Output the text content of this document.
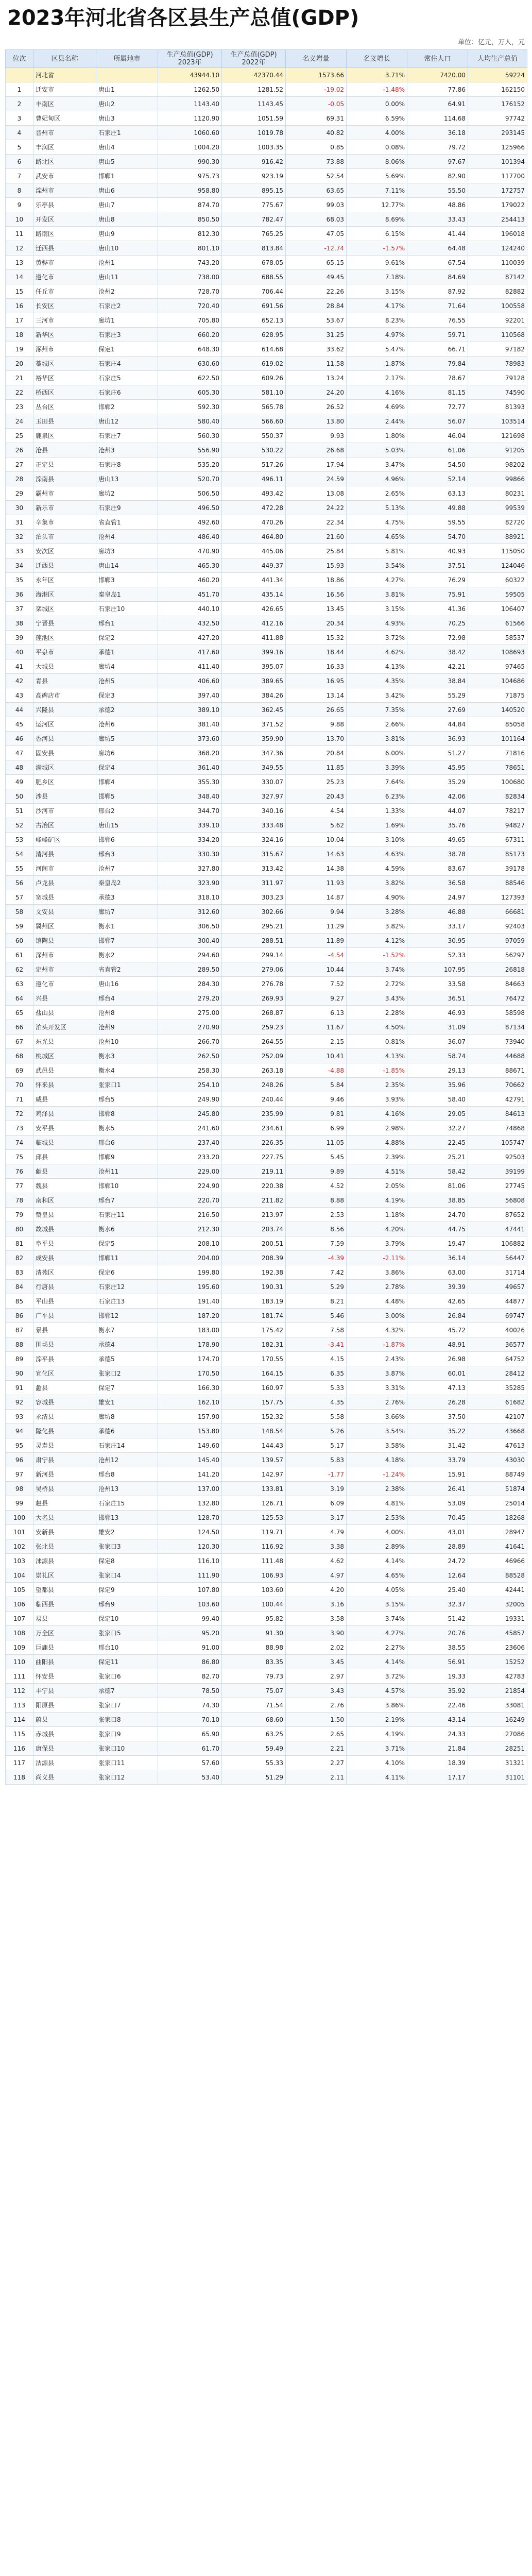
2023年河北省各区县生产总值(GDP)
单位：亿元，万人，元
位次	区县名称	所属地市	生产总值(GDP) 2023年	生产总值(GDP) 2022年	名义增量	名义增长	常住人口	人均生产总值
	河北省		43944.10	42370.44	1573.66	3.71%	7420.00	59224
1	迁安市	唐山1	1262.50	1281.52	-19.02	-1.48%	77.86	162150
2	丰南区	唐山2	1143.40	1143.45	-0.05	0.00%	64.91	176152
3	曹妃甸区	唐山3	1120.90	1051.59	69.31	6.59%	114.68	97742
4	晋州市	石家庄1	1060.60	1019.78	40.82	4.00%	36.18	293145
5	丰润区	唐山4	1004.20	1003.35	0.85	0.08%	79.72	125966
6	路北区	唐山5	990.30	916.42	73.88	8.06%	97.67	101394
7	武安市	邯郸1	975.73	923.19	52.54	5.69%	82.90	117700
8	滦州市	唐山6	958.80	895.15	63.65	7.11%	55.50	172757
9	乐亭县	唐山7	874.70	775.67	99.03	12.77%	48.86	179022
10	开发区	唐山8	850.50	782.47	68.03	8.69%	33.43	254413
11	路南区	唐山9	812.30	765.25	47.05	6.15%	41.44	196018
12	迁西县	唐山10	801.10	813.84	-12.74	-1.57%	64.48	124240
13	黄骅市	沧州1	743.20	678.05	65.15	9.61%	67.54	110039
14	遵化市	唐山11	738.00	688.55	49.45	7.18%	84.69	87142
15	任丘市	沧州2	728.70	706.44	22.26	3.15%	87.92	82882
16	长安区	石家庄2	720.40	691.56	28.84	4.17%	71.64	100558
17	三河市	廊坊1	705.80	652.13	53.67	8.23%	76.55	92201
18	新华区	石家庄3	660.20	628.95	31.25	4.97%	59.71	110568
19	涿州市	保定1	648.30	614.68	33.62	5.47%	66.71	97182
20	藁城区	石家庄4	630.60	619.02	11.58	1.87%	79.84	78983
21	裕华区	石家庄5	622.50	609.26	13.24	2.17%	78.67	79128
22	桥西区	石家庄6	605.30	581.10	24.20	4.16%	81.15	74590
23	丛台区	邯郸2	592.30	565.78	26.52	4.69%	72.77	81393
24	玉田县	唐山12	580.40	566.60	13.80	2.44%	56.07	103514
25	鹿泉区	石家庄7	560.30	550.37	9.93	1.80%	46.04	121698
26	沧县	沧州3	556.90	530.22	26.68	5.03%	61.06	91205
27	正定县	石家庄8	535.20	517.26	17.94	3.47%	54.50	98202
28	滦南县	唐山13	520.70	496.11	24.59	4.96%	52.14	99866
29	霸州市	廊坊2	506.50	493.42	13.08	2.65%	63.13	80231
30	新乐市	石家庄9	496.50	472.28	24.22	5.13%	49.88	99539
31	辛集市	省直管1	492.60	470.26	22.34	4.75%	59.55	82720
32	泊头市	沧州4	486.40	464.80	21.60	4.65%	54.70	88921
33	安次区	廊坊3	470.90	445.06	25.84	5.81%	40.93	115050
34	迁西县	唐山14	465.30	449.37	15.93	3.54%	37.51	124046
35	永年区	邯郸3	460.20	441.34	18.86	4.27%	76.29	60322
36	海港区	秦皇岛1	451.70	435.14	16.56	3.81%	75.91	59505
37	栾城区	石家庄10	440.10	426.65	13.45	3.15%	41.36	106407
38	宁晋县	邢台1	432.50	412.16	20.34	4.93%	70.25	61566
39	莲池区	保定2	427.20	411.88	15.32	3.72%	72.98	58537
40	平泉市	承德1	417.60	399.16	18.44	4.62%	38.42	108693
41	大城县	廊坊4	411.40	395.07	16.33	4.13%	42.21	97465
42	青县	沧州5	406.60	389.65	16.95	4.35%	38.84	104686
43	高碑店市	保定3	397.40	384.26	13.14	3.42%	55.29	71875
44	兴隆县	承德2	389.10	362.45	26.65	7.35%	27.69	140520
45	运河区	沧州6	381.40	371.52	9.88	2.66%	44.84	85058
46	香河县	廊坊5	373.60	359.90	13.70	3.81%	36.93	101164
47	固安县	廊坊6	368.20	347.36	20.84	6.00%	51.27	71816
48	满城区	保定4	361.40	349.55	11.85	3.39%	45.95	78651
49	肥乡区	邯郸4	355.30	330.07	25.23	7.64%	35.29	100680
50	涉县	邯郸5	348.40	327.97	20.43	6.23%	42.06	82834
51	沙河市	邢台2	344.70	340.16	4.54	1.33%	44.07	78217
52	古冶区	唐山15	339.10	333.48	5.62	1.69%	35.76	94827
53	峰峰矿区	邯郸6	334.20	324.16	10.04	3.10%	49.65	67311
54	清河县	邢台3	330.30	315.67	14.63	4.63%	38.78	85173
55	河间市	沧州7	327.80	313.42	14.38	4.59%	83.67	39178
56	卢龙县	秦皇岛2	323.90	311.97	11.93	3.82%	36.58	88546
57	宽城县	承德3	318.10	303.23	14.87	4.90%	24.97	127393
58	文安县	廊坊7	312.60	302.66	9.94	3.28%	46.88	66681
59	冀州区	衡水1	306.50	295.21	11.29	3.82%	33.17	92403
60	馆陶县	邯郸7	300.40	288.51	11.89	4.12%	30.95	97059
61	深州市	衡水2	294.60	299.14	-4.54	-1.52%	52.33	56297
62	定州市	省直管2	289.50	279.06	10.44	3.74%	107.95	26818
63	遵化市	唐山16	284.30	276.78	7.52	2.72%	33.58	84663
64	兴县	邢台4	279.20	269.93	9.27	3.43%	36.51	76472
65	盐山县	沧州8	275.00	268.87	6.13	2.28%	46.93	58598
66	泊头开发区	沧州9	270.90	259.23	11.67	4.50%	31.09	87134
67	东光县	沧州10	266.70	264.55	2.15	0.81%	36.07	73940
68	桃城区	衡水3	262.50	252.09	10.41	4.13%	58.74	44688
69	武邑县	衡水4	258.30	263.18	-4.88	-1.85%	29.13	88671
70	怀来县	张家口1	254.10	248.26	5.84	2.35%	35.96	70662
71	威县	邢台5	249.90	240.44	9.46	3.93%	58.40	42791
72	鸡泽县	邯郸8	245.80	235.99	9.81	4.16%	29.05	84613
73	安平县	衡水5	241.60	234.61	6.99	2.98%	32.27	74868
74	临城县	邢台6	237.40	226.35	11.05	4.88%	22.45	105747
75	邱县	邯郸9	233.20	227.75	5.45	2.39%	25.21	92503
76	献县	沧州11	229.00	219.11	9.89	4.51%	58.42	39199
77	魏县	邯郸10	224.90	220.38	4.52	2.05%	81.06	27745
78	南和区	邢台7	220.70	211.82	8.88	4.19%	38.85	56808
79	赞皇县	石家庄11	216.50	213.97	2.53	1.18%	24.70	87652
80	故城县	衡水6	212.30	203.74	8.56	4.20%	44.75	47441
81	阜平县	保定5	208.10	200.51	7.59	3.79%	19.47	106882
82	成安县	邯郸11	204.00	208.39	-4.39	-2.11%	36.14	56447
83	清苑区	保定6	199.80	192.38	7.42	3.86%	63.00	31714
84	行唐县	石家庄12	195.60	190.31	5.29	2.78%	39.39	49657
85	平山县	石家庄13	191.40	183.19	8.21	4.48%	42.65	44877
86	广平县	邯郸12	187.20	181.74	5.46	3.00%	26.84	69747
87	景县	衡水7	183.00	175.42	7.58	4.32%	45.72	40026
88	围场县	承德4	178.90	182.31	-3.41	-1.87%	48.91	36577
89	滦平县	承德5	174.70	170.55	4.15	2.43%	26.98	64752
90	宣化区	张家口2	170.50	164.15	6.35	3.87%	60.01	28412
91	蠡县	保定7	166.30	160.97	5.33	3.31%	47.13	35285
92	容城县	雄安1	162.10	157.75	4.35	2.76%	26.28	61682
93	永清县	廊坊8	157.90	152.32	5.58	3.66%	37.50	42107
94	隆化县	承德6	153.80	148.54	5.26	3.54%	35.22	43668
95	灵寿县	石家庄14	149.60	144.43	5.17	3.58%	31.42	47613
96	肃宁县	沧州12	145.40	139.57	5.83	4.18%	33.79	43030
97	新河县	邢台8	141.20	142.97	-1.77	-1.24%	15.91	88749
98	吴桥县	沧州13	137.00	133.81	3.19	2.38%	26.41	51874
99	赵县	石家庄15	132.80	126.71	6.09	4.81%	53.09	25014
100	大名县	邯郸13	128.70	125.53	3.17	2.53%	70.45	18268
101	安新县	雄安2	124.50	119.71	4.79	4.00%	43.01	28947
102	张北县	张家口3	120.30	116.92	3.38	2.89%	28.89	41641
103	涞源县	保定8	116.10	111.48	4.62	4.14%	24.72	46966
104	崇礼区	张家口4	111.90	106.93	4.97	4.65%	12.64	88528
105	望都县	保定9	107.80	103.60	4.20	4.05%	25.40	42441
106	临西县	邢台9	103.60	100.44	3.16	3.15%	32.37	32005
107	易县	保定10	99.40	95.82	3.58	3.74%	51.42	19331
108	万全区	张家口5	95.20	91.30	3.90	4.27%	20.76	45857
109	巨鹿县	邢台10	91.00	88.98	2.02	2.27%	38.55	23606
110	曲阳县	保定11	86.80	83.35	3.45	4.14%	56.91	15252
111	怀安县	张家口6	82.70	79.73	2.97	3.72%	19.33	42783
112	丰宁县	承德7	78.50	75.07	3.43	4.57%	35.92	21854
113	阳原县	张家口7	74.30	71.54	2.76	3.86%	22.46	33081
114	蔚县	张家口8	70.10	68.60	1.50	2.19%	43.14	16249
115	赤城县	张家口9	65.90	63.25	2.65	4.19%	24.33	27086
116	康保县	张家口10	61.70	59.49	2.21	3.71%	21.84	28251
117	沽源县	张家口11	57.60	55.33	2.27	4.10%	18.39	31321
118	尚义县	张家口12	53.40	51.29	2.11	4.11%	17.17	31101
